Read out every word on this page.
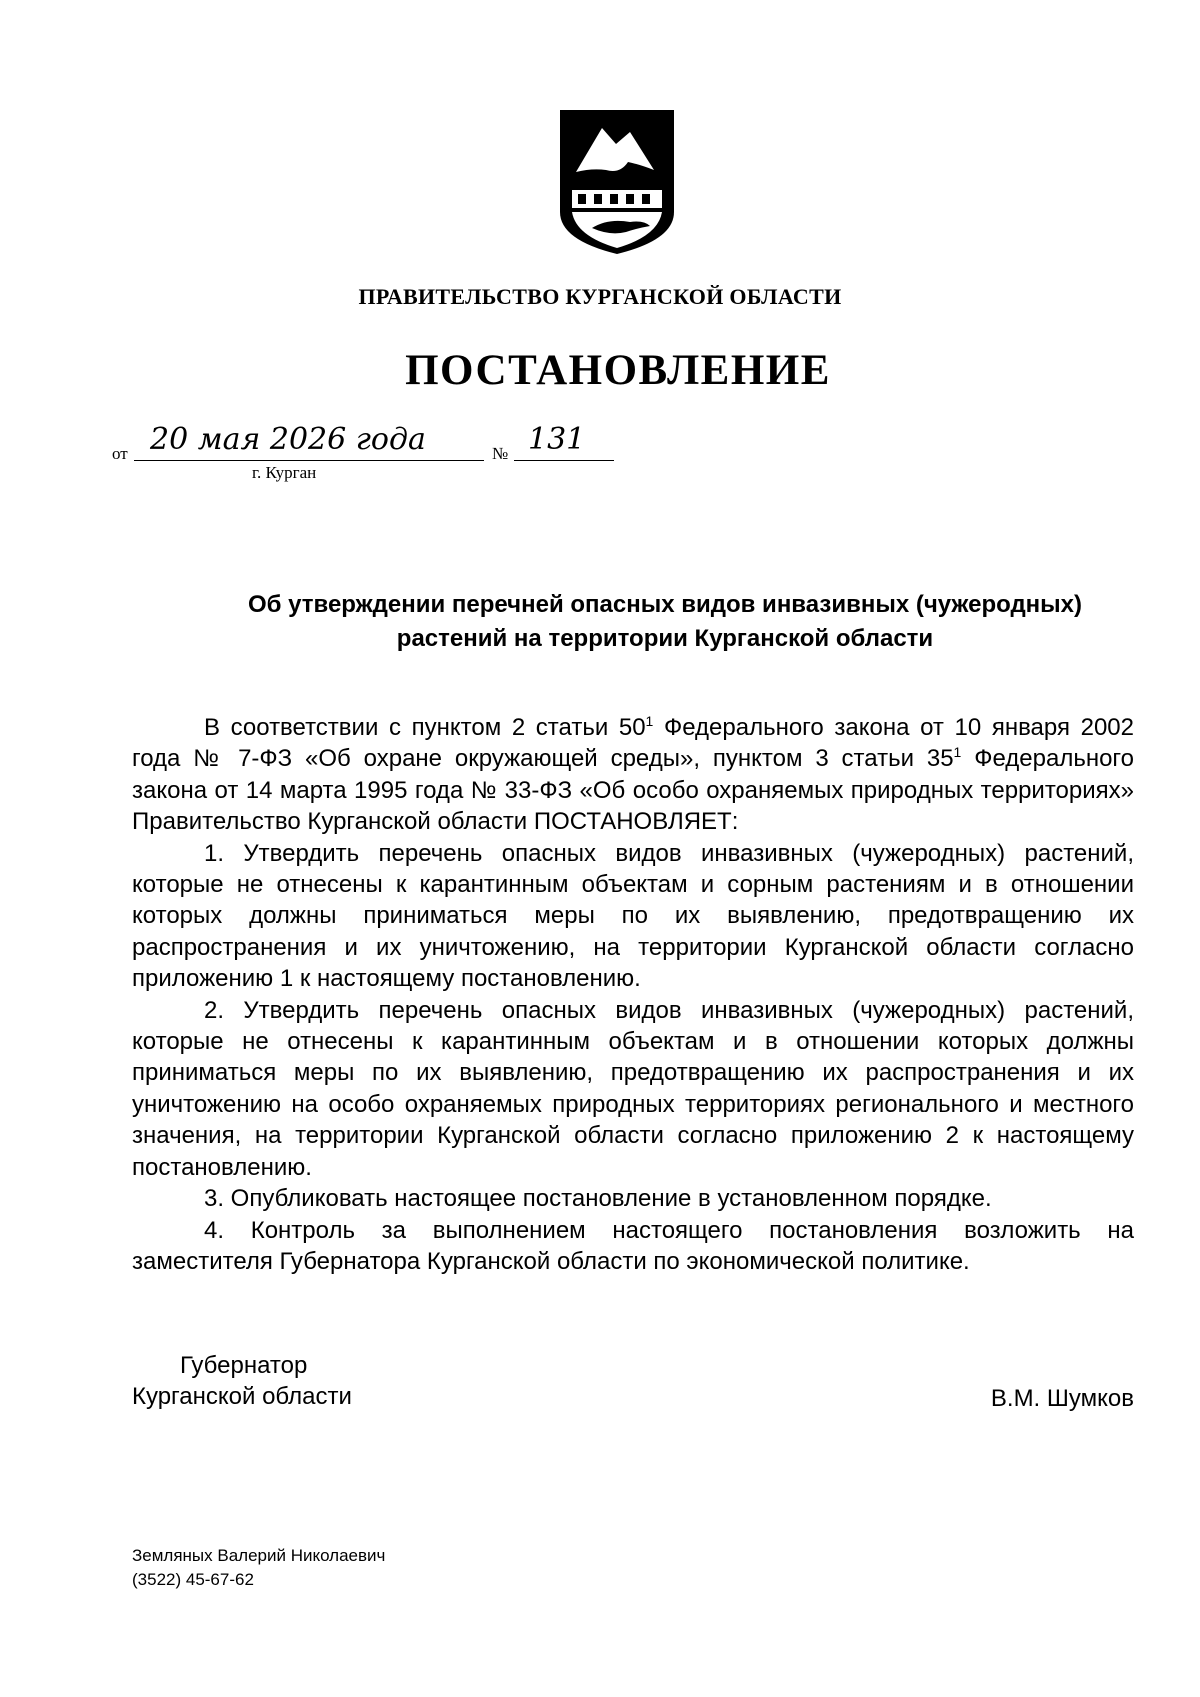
ПРАВИТЕЛЬСТВО КУРГАНСКОЙ ОБЛАСТИ
ПОСТАНОВЛЕНИЕ
от 20 мая 2026 года	№ 131
г. Курган
Об утверждении перечней опасных видов инвазивных (чужеродных)
растений на территории Курганской области

В соответствии с пунктом 2 статьи $50^1$ Федерального закона от 10 января 2002 года № 7-ФЗ «Об охране окружающей среды», пунктом 3 статьи $35^1$ Федерального закона от 14 марта 1995 года № 33-ФЗ «Об особо охраняемых природных территориях» Правительство Курганской области ПОСТАНОВЛЯЕТ:

1. Утвердить перечень опасных видов инвазивных (чужеродных) растений, которые не отнесены к карантинным объектам и сорным растениям и в отношении которых должны приниматься меры по их выявлению, предотвращению их распространения и их уничтожению, на территории Курганской области согласно приложению 1 к настоящему постановлению.

2. Утвердить перечень опасных видов инвазивных (чужеродных) растений, которые не отнесены к карантинным объектам и в отношении которых должны приниматься меры по их выявлению, предотвращению их распространения и их уничтожению на особо охраняемых природных территориях регионального и местного значения, на территории Курганской области согласно приложению 2 к настоящему постановлению.

3. Опубликовать настоящее постановление в установленном порядке.

4. Контроль за выполнением настоящего постановления возложить на заместителя Губернатора Курганской области по экономической политике.

Губернатор
Курганской области	В.М. Шумков
Земляных Валерий Николаевич
(3522) 45-67-62
